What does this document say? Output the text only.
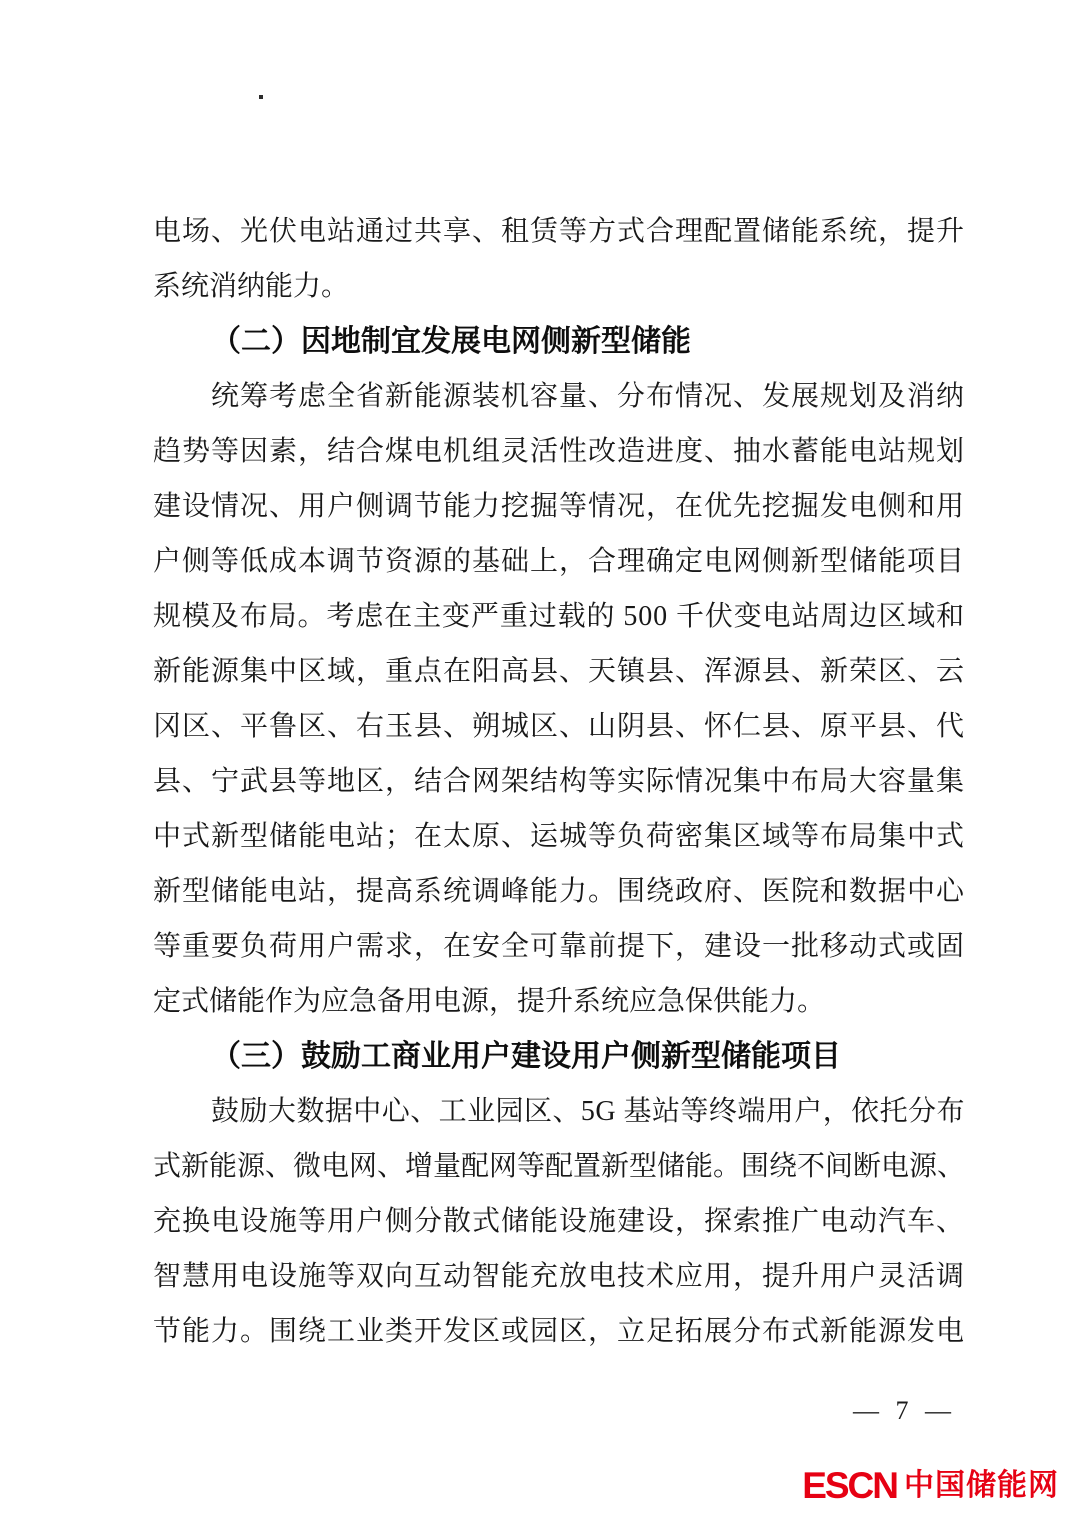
电场、光伏电站通过共享、租赁等方式合理配置储能系统，提升
系统消纳能力。
（二）因地制宜发展电网侧新型储能
统筹考虑全省新能源装机容量、分布情况、发展规划及消纳
趋势等因素，结合煤电机组灵活性改造进度、抽水蓄能电站规划
建设情况、用户侧调节能力挖掘等情况，在优先挖掘发电侧和用
户侧等低成本调节资源的基础上，合理确定电网侧新型储能项目
规模及布局。考虑在主变严重过载的 500 千伏变电站周边区域和
新能源集中区域，重点在阳高县、天镇县、浑源县、新荣区、云
冈区、平鲁区、右玉县、朔城区、山阴县、怀仁县、原平县、代
县、宁武县等地区，结合网架结构等实际情况集中布局大容量集
中式新型储能电站；在太原、运城等负荷密集区域等布局集中式
新型储能电站，提高系统调峰能力。围绕政府、医院和数据中心
等重要负荷用户需求，在安全可靠前提下，建设一批移动式或固
定式储能作为应急备用电源，提升系统应急保供能力。
（三）鼓励工商业用户建设用户侧新型储能项目
鼓励大数据中心、工业园区、5G 基站等终端用户，依托分布
式新能源、微电网、增量配网等配置新型储能。围绕不间断电源、
充换电设施等用户侧分散式储能设施建设，探索推广电动汽车、
智慧用电设施等双向互动智能充放电技术应用，提升用户灵活调
节能力。围绕工业类开发区或园区，立足拓展分布式新能源发电
— 7 —
ESCN 中国储能网
